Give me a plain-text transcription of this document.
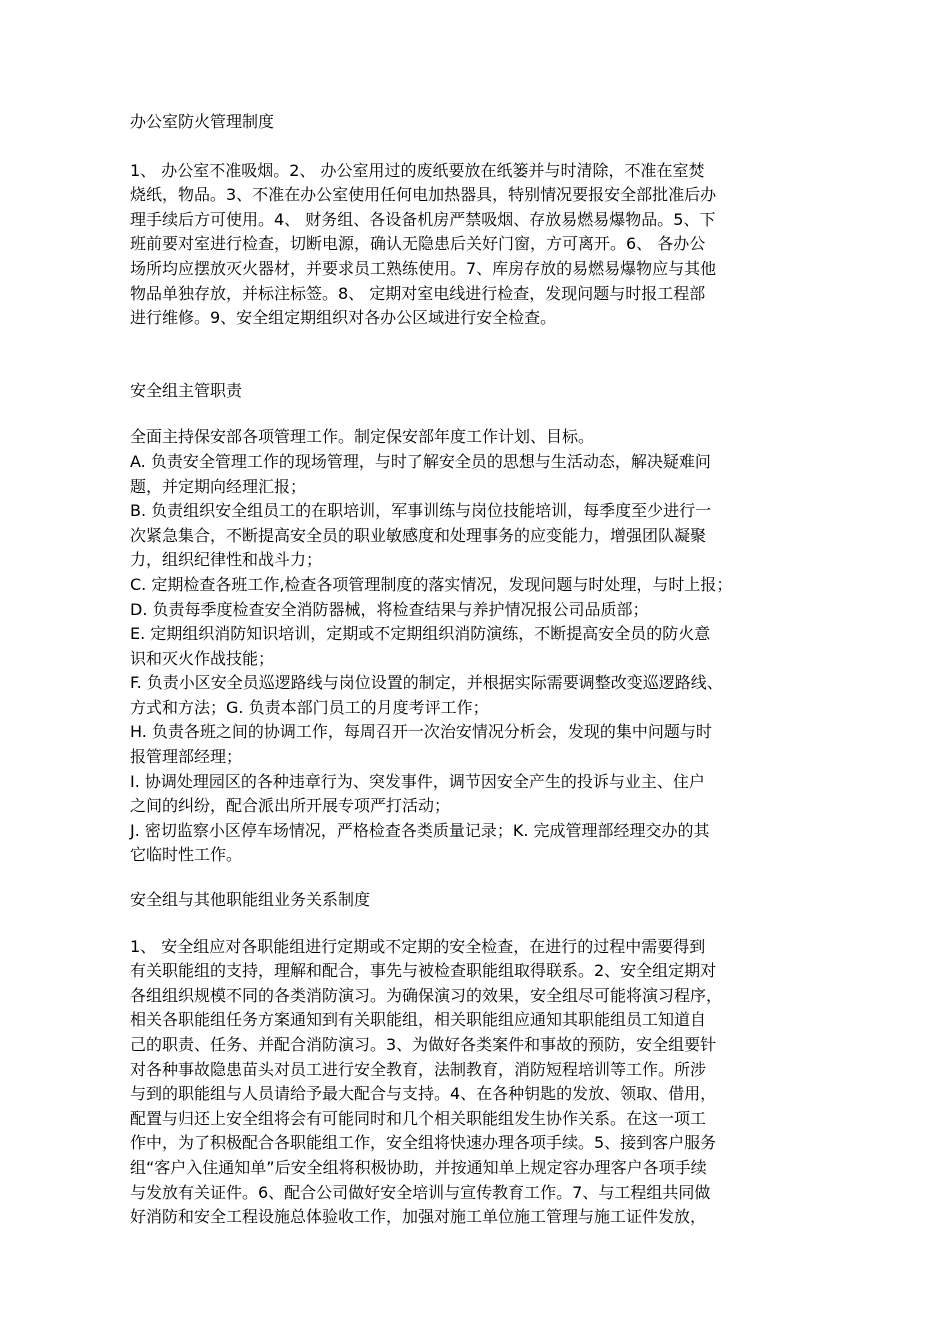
办公室防火管理制度

1、 办公室不准吸烟。2、 办公室用过的废纸要放在纸篓并与时清除，不准在室焚

烧纸，物品。3、不准在办公室使用任何电加热器具，特别情况要报安全部批准后办

理手续后方可使用。4、 财务组、各设备机房严禁吸烟、存放易燃易爆物品。5、下

班前要对室进行检查，切断电源，确认无隐患后关好门窗，方可离开。6、 各办公

场所均应摆放灭火器材，并要求员工熟练使用。7、库房存放的易燃易爆物应与其他

物品单独存放，并标注标签。8、 定期对室电线进行检查，发现问题与时报工程部

进行维修。9、安全组定期组织对各办公区域进行安全检查。

安全组主管职责

全面主持保安部各项管理工作。制定保安部年度工作计划、目标。

A. 负责安全管理工作的现场管理，与时了解安全员的思想与生活动态，解决疑难问

题，并定期向经理汇报；

B. 负责组织安全组员工的在职培训，军事训练与岗位技能培训，每季度至少进行一

次紧急集合，不断提高安全员的职业敏感度和处理事务的应变能力，增强团队凝聚

力，组织纪律性和战斗力；

C. 定期检查各班工作,检查各项管理制度的落实情况，发现问题与时处理，与时上报；

D. 负责每季度检查安全消防器械，将检查结果与养护情况报公司品质部；

E. 定期组织消防知识培训，定期或不定期组织消防演练，不断提高安全员的防火意

识和灭火作战技能；

F. 负责小区安全员巡逻路线与岗位设置的制定，并根据实际需要调整改变巡逻路线、

方式和方法；G. 负责本部门员工的月度考评工作；

H. 负责各班之间的协调工作，每周召开一次治安情况分析会，发现的集中问题与时

报管理部经理；

I. 协调处理园区的各种违章行为、突发事件，调节因安全产生的投诉与业主、住户

之间的纠纷，配合派出所开展专项严打活动；

J. 密切监察小区停车场情况，严格检查各类质量记录；K. 完成管理部经理交办的其

它临时性工作。

安全组与其他职能组业务关系制度

1、 安全组应对各职能组进行定期或不定期的安全检查，在进行的过程中需要得到

有关职能组的支持，理解和配合，事先与被检查职能组取得联系。2、安全组定期对

各组组织规模不同的各类消防演习。为确保演习的效果，安全组尽可能将演习程序，

相关各职能组任务方案通知到有关职能组，相关职能组应通知其职能组员工知道自

己的职责、任务、并配合消防演习。3、为做好各类案件和事故的预防，安全组要针

对各种事故隐患苗头对员工进行安全教育，法制教育，消防短程培训等工作。所涉

与到的职能组与人员请给予最大配合与支持。4、在各种钥匙的发放、领取、借用，

配置与归还上安全组将会有可能同时和几个相关职能组发生协作关系。在这一项工

作中，为了积极配合各职能组工作，安全组将快速办理各项手续。5、接到客户服务

组“客户入住通知单”后安全组将积极协助，并按通知单上规定容办理客户各项手续

与发放有关证件。6、配合公司做好安全培训与宣传教育工作。7、与工程组共同做

好消防和安全工程设施总体验收工作，加强对施工单位施工管理与施工证件发放，
